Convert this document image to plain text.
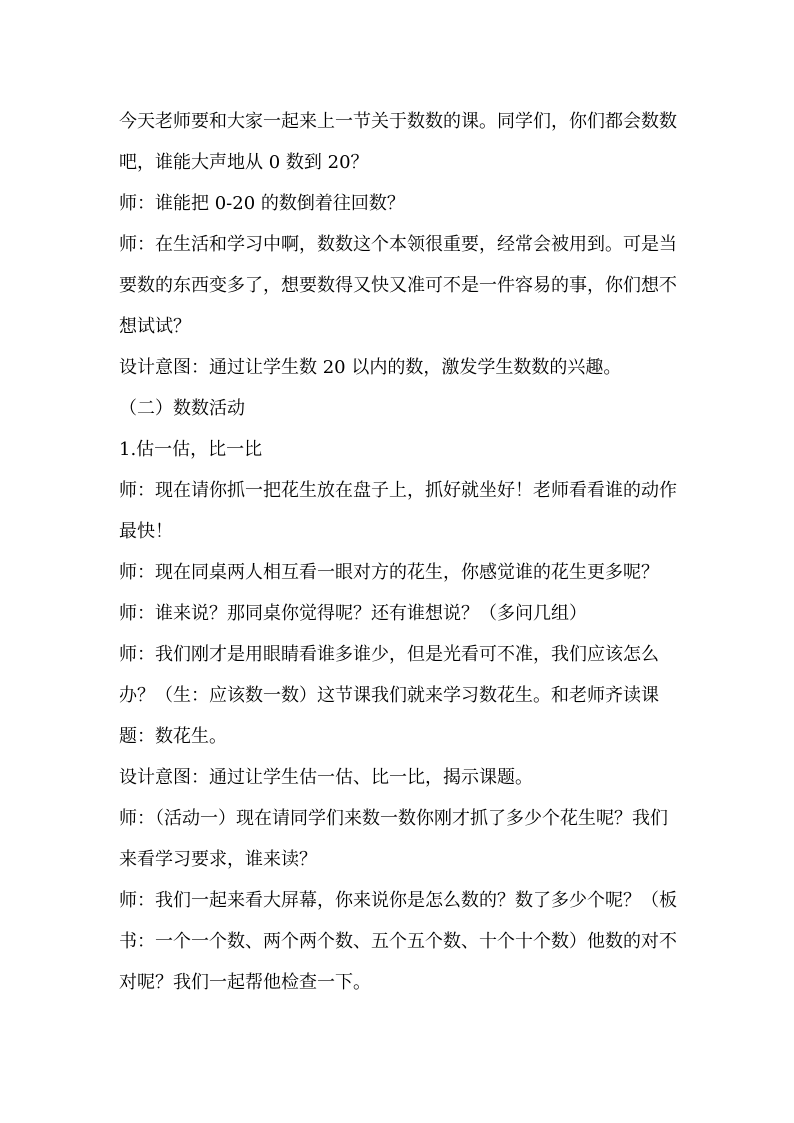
今天老师要和大家一起来上一节关于数数的课。同学们，你们都会数数吧，谁能大声地从 0 数到 20？

师：谁能把 0-20 的数倒着往回数？

师：在生活和学习中啊，数数这个本领很重要，经常会被用到。可是当要数的东西变多了，想要数得又快又准可不是一件容易的事，你们想不想试试？

设计意图：通过让学生数 20 以内的数，激发学生数数的兴趣。

（二）数数活动

1.估一估，比一比

师：现在请你抓一把花生放在盘子上，抓好就坐好！老师看看谁的动作最快！

师：现在同桌两人相互看一眼对方的花生，你感觉谁的花生更多呢？

师：谁来说？那同桌你觉得呢？还有谁想说？（多问几组）

师：我们刚才是用眼睛看谁多谁少，但是光看可不准，我们应该怎么办？（生：应该数一数）这节课我们就来学习数花生。和老师齐读课题：数花生。

设计意图：通过让学生估一估、比一比，揭示课题。

师：（活动一）现在请同学们来数一数你刚才抓了多少个花生呢？我们来看学习要求，谁来读？

师：我们一起来看大屏幕，你来说你是怎么数的？数了多少个呢？（板书：一个一个数、两个两个数、五个五个数、十个十个数）他数的对不对呢？我们一起帮他检查一下。
